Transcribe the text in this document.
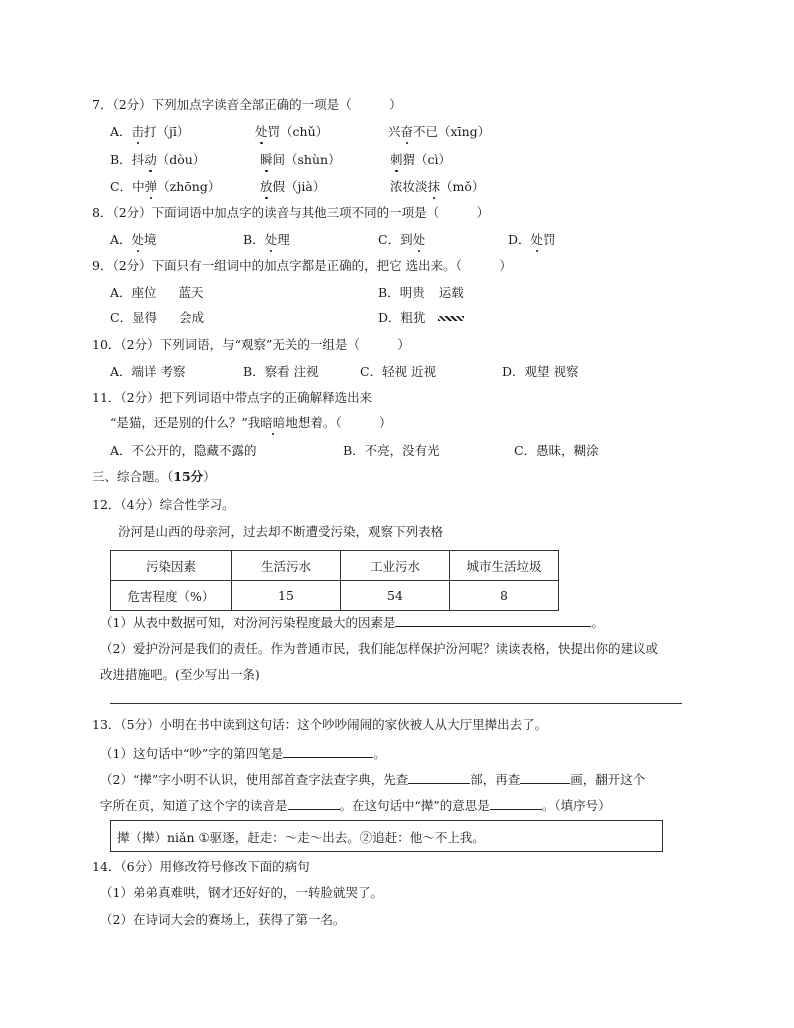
7．（2分）下列加点字读音全部正确的一项是（　　　）
A．击打（jī）	处罚（chǔ）	兴奋不已（xīng）
B．抖动（dòu）	瞬间（shùn）	刺猬（cì）
C．中弹（zhōng）	放假（jià）	浓妆淡抹（mǒ）
8．（2分）下面词语中加点字的读音与其他三项不同的一项是（　　　）
A．处境	B．处理	C．到处	D．处罚
9．（2分）下面只有一组词中的加点字都是正确的，把它 选出来。（　　　）
A．座位 蓝天	B．明贵 运载
C．显得 会成	D．粗犹
10．（2分）下列词语，与“观察”无关的一组是（　　　）
A．端详 考察	B．察看 注视	C．轻视 近视	D．观望 视察
11．（2分）把下列词语中带点字的正确解释选出来
“是猫，还是别的什么？”我暗暗地想着。（　　　）
A．不公开的，隐藏不露的	B．不亮，没有光	C．愚昧，糊涂
三、综合题。（15分）
12．（4分）综合性学习。
汾河是山西的母亲河，过去却不断遭受污染，观察下列表格
污染因素	生活污水	工业污水	城市生活垃圾
危害程度（%）	15	54	8
（1）从表中数据可知，对汾河污染程度最大的因素是	。
（2）爱护汾河是我们的责任。作为普通市民，我们能怎样保护汾河呢？读读表格，快提出你的建议或
改进措施吧。(至少写出一条)
13．（5分）小明在书中读到这句话：这个吵吵闹闹的家伙被人从大厅里撵出去了。
（1）这句话中“吵”字的第四笔是	。
（2）“撵”字小明不认识，使用部首查字法查字典，先查	部，再查	画，翻开这个
字所在页，知道了这个字的读音是	。在这句话中“撵”的意思是	。（填序号）
撵（撵）niǎn ①驱逐，赶走：～走～出去。②追赶：他～不上我。
14．（6分）用修改符号修改下面的病句
（1）弟弟真难哄，钢才还好好的，一转脸就哭了。
（2）在诗词大会的赛场上，获得了第一名。
